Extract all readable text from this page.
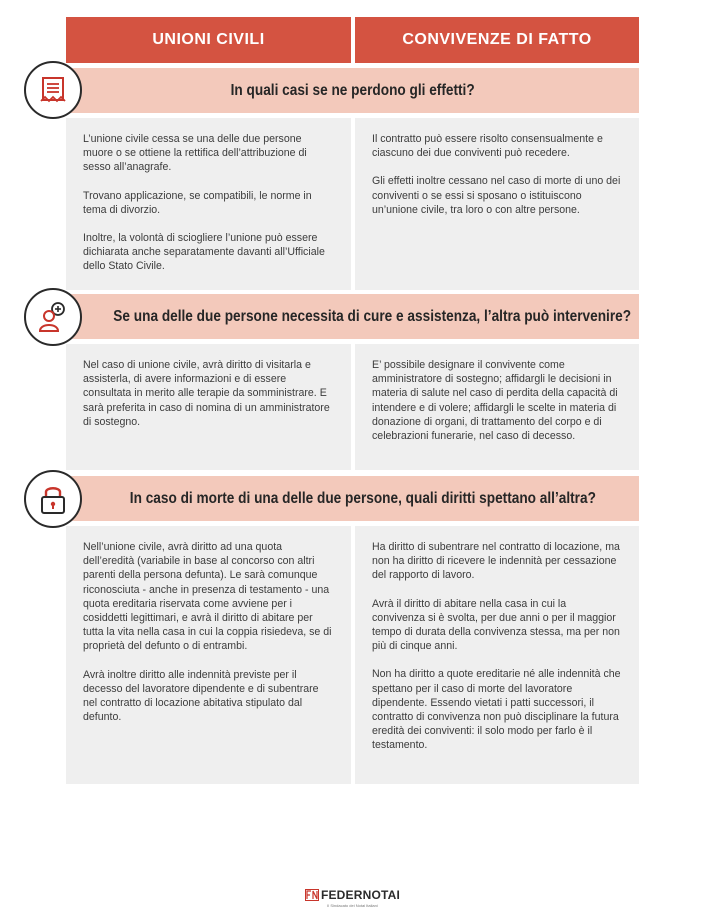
UNIONI CIVILI	CONVIVENZE DI FATTO
In quali casi se ne perdono gli effetti?

L’unione civile cessa se una delle due persone muore o se ottiene la rettifica dell’attribuzione di sesso all’anagrafe.

Trovano applicazione, se compatibili, le norme in tema di divorzio.

Inoltre, la volontà di sciogliere l’unione può essere dichiarata anche separatamente davanti all’Ufficiale dello Stato Civile.

Il contratto può essere risolto consensualmente e ciascuno dei due conviventi può recedere.

Gli effetti inoltre cessano nel caso di morte di uno dei conviventi o se essi si sposano o istituiscono un’unione civile, tra loro o con altre persone.

Se una delle due persone necessita di cure e assistenza, l’altra può intervenire?

E’ possibile designare il convivente come amministratore di sostegno; affidargli le decisioni in materia di salute nel caso di perdita della capacità di intendere e di volere; affidargli le scelte in materia di donazione di organi, di trattamento del corpo e di celebrazioni funerarie, nel caso di decesso.

Nel caso di unione civile, avrà diritto di visitarla e assisterla, di avere informazioni e di essere consultata in merito alle terapie da somministrare. E sarà preferita in caso di nomina di un amministratore di sostegno.

In caso di morte di una delle due persone, quali diritti spettano all’altra?

Nell’unione civile, avrà diritto ad una quota dell’eredità (variabile in base al concorso con altri parenti della persona defunta). Le sarà comunque riconosciuta - anche in presenza di testamento - una quota ereditaria riservata come avviene per i cosiddetti legittimari, e avrà il diritto di abitare per tutta la vita nella casa in cui la coppia risiedeva, se di proprietà del defunto o di entrambi.

Avrà inoltre diritto alle indennità previste per il decesso del lavoratore dipendente e di subentrare nel contratto di locazione abitativa stipulato dal defunto.

Ha diritto di subentrare nel contratto di locazione, ma non ha diritto di ricevere le indennità per cessazione del rapporto di lavoro.

Avrà il diritto di abitare nella casa in cui la convivenza si è svolta, per due anni o per il maggior tempo di durata della convivenza stessa, ma per non più di cinque anni.

Non ha diritto a quote ereditarie né alle indennità che spettano per il caso di morte del lavoratore dipendente. Essendo vietati i patti successori, il contratto di convivenza non può disciplinare la futura eredità dei conviventi: il solo modo per farlo è il testamento.

FEDERNOTAI
Il Sindacato dei Notai Italiani
